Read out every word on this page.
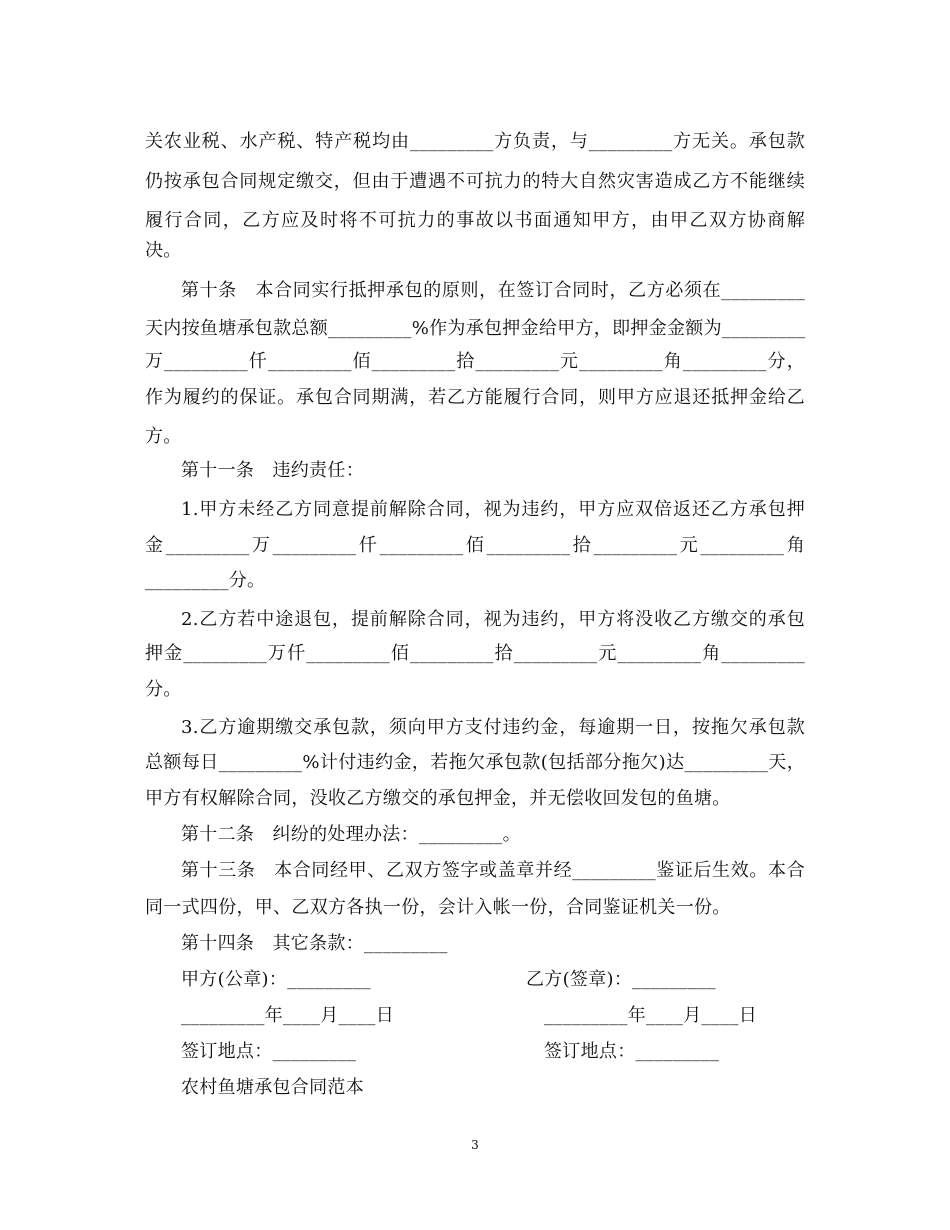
关农业税、水产税、特产税均由_________方负责，与_________方无关。承包款
仍按承包合同规定缴交，但由于遭遇不可抗力的特大自然灾害造成乙方不能继续
履行合同，乙方应及时将不可抗力的事故以书面通知甲方，由甲乙双方协商解
决。
第十条　本合同实行抵押承包的原则，在签订合同时，乙方必须在_________
天内按鱼塘承包款总额_________%作为承包押金给甲方，即押金金额为_________
万_________仟_________佰_________拾_________元_________角_________分，
作为履约的保证。承包合同期满，若乙方能履行合同，则甲方应退还抵押金给乙
方。
第十一条　违约责任：
1.甲方未经乙方同意提前解除合同，视为违约，甲方应双倍返还乙方承包押
金_________万_________仟_________佰_________拾_________元_________角
_________分。
2.乙方若中途退包，提前解除合同，视为违约，甲方将没收乙方缴交的承包
押金_________万仟_________佰_________拾_________元_________角_________
分。
3.乙方逾期缴交承包款，须向甲方支付违约金，每逾期一日，按拖欠承包款
总额每日_________%计付违约金，若拖欠承包款(包括部分拖欠)达_________天，
甲方有权解除合同，没收乙方缴交的承包押金，并无偿收回发包的鱼塘。
第十二条　纠纷的处理办法：_________。
第十三条　本合同经甲、乙双方签字或盖章并经_________鉴证后生效。本合
同一式四份，甲、乙双方各执一份，会计入帐一份，合同鉴证机关一份。
第十四条　其它条款：_________
甲方(公章)：_________	乙方(签章)：_________
_________年____月____日	_________年____月____日
签订地点：_________	签订地点：_________
农村鱼塘承包合同范本
3
